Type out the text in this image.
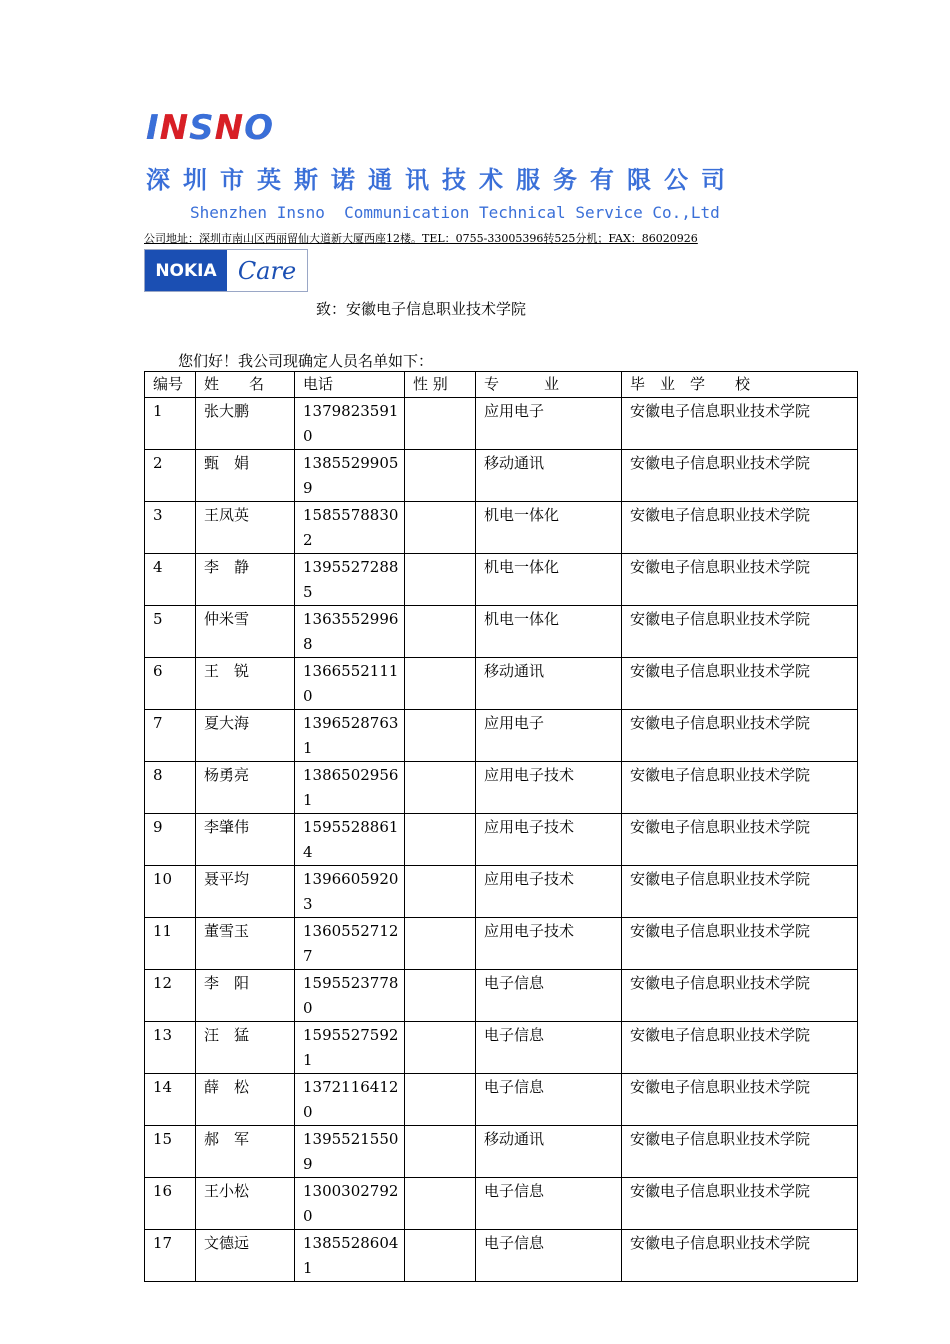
INSNO
深圳市英斯诺通讯技术服务有限公司
Shenzhen Insno  Communication Technical Service Co.,Ltd
公司地址：深圳市南山区西丽留仙大道新大厦西座12楼。TEL：0755-33005396转525分机；FAX：86020926
NOKIA Care
致：安徽电子信息职业技术学院
您们好！我公司现确定人员名单如下：
编号	姓　　名	电话	性 别	专　　　业	毕　业　学　　校
1	张大鹏	13798235910		应用电子	安徽电子信息职业技术学院
2	甄　娟	13855299059		移动通讯	安徽电子信息职业技术学院
3	王凤英	15855788302		机电一体化	安徽电子信息职业技术学院
4	李　静	13955272885		机电一体化	安徽电子信息职业技术学院
5	仲米雪	13635529968		机电一体化	安徽电子信息职业技术学院
6	王　锐	13665521110		移动通讯	安徽电子信息职业技术学院
7	夏大海	13965287631		应用电子	安徽电子信息职业技术学院
8	杨勇亮	13865029561		应用电子技术	安徽电子信息职业技术学院
9	李肇伟	15955288614		应用电子技术	安徽电子信息职业技术学院
10	聂平均	13966059203		应用电子技术	安徽电子信息职业技术学院
11	董雪玉	13605527127		应用电子技术	安徽电子信息职业技术学院
12	李　阳	15955237780		电子信息	安徽电子信息职业技术学院
13	汪　猛	15955275921		电子信息	安徽电子信息职业技术学院
14	薛　松	13721164120		电子信息	安徽电子信息职业技术学院
15	郝　军	13955215509		移动通讯	安徽电子信息职业技术学院
16	王小松	13003027920		电子信息	安徽电子信息职业技术学院
17	文德远	13855286041		电子信息	安徽电子信息职业技术学院
